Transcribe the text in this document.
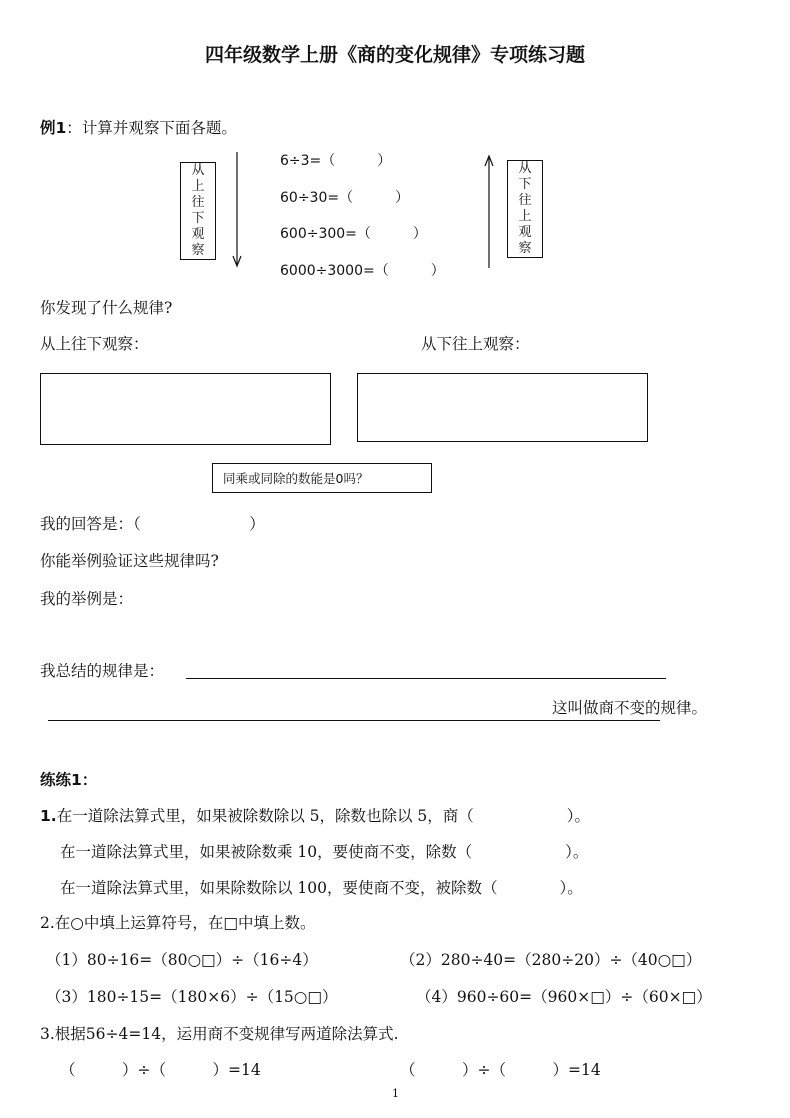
四年级数学上册《商的变化规律》专项练习题
例1：计算并观察下面各题。
从
上
往
下
观
察
6÷3=（　　　）
60÷30=（　　　）
600÷300=（　　　）
6000÷3000=（　　　）
从
下
往
上
观
察
你发现了什么规律?
从上往下观察：	从下往上观察：
同乘或同除的数能是0吗？
我的回答是：（　　　　　　　）
你能举例验证这些规律吗?
我的举例是：
我总结的规律是：
这叫做商不变的规律。
练练1：
1.在一道除法算式里，如果被除数除以 5，除数也除以 5，商（　　　　　　）。
在一道除法算式里，如果被除数乘 10，要使商不变，除数（　　　　　　）。
在一道除法算式里，如果除数除以 100，要使商不变，被除数（　　　　）。
2.在○中填上运算符号，在□中填上数。
（1）80÷16=（80○□）÷（16÷4）	（2）280÷40=（280÷20）÷（40○□）
（3）180÷15=（180×6）÷（15○□）	（4）960÷60=（960×□）÷（60×□）
3.根据56÷4=14，运用商不变规律写两道除法算式.
（　　　）÷（　　　）=14	（　　　）÷（　　　）=14
1
